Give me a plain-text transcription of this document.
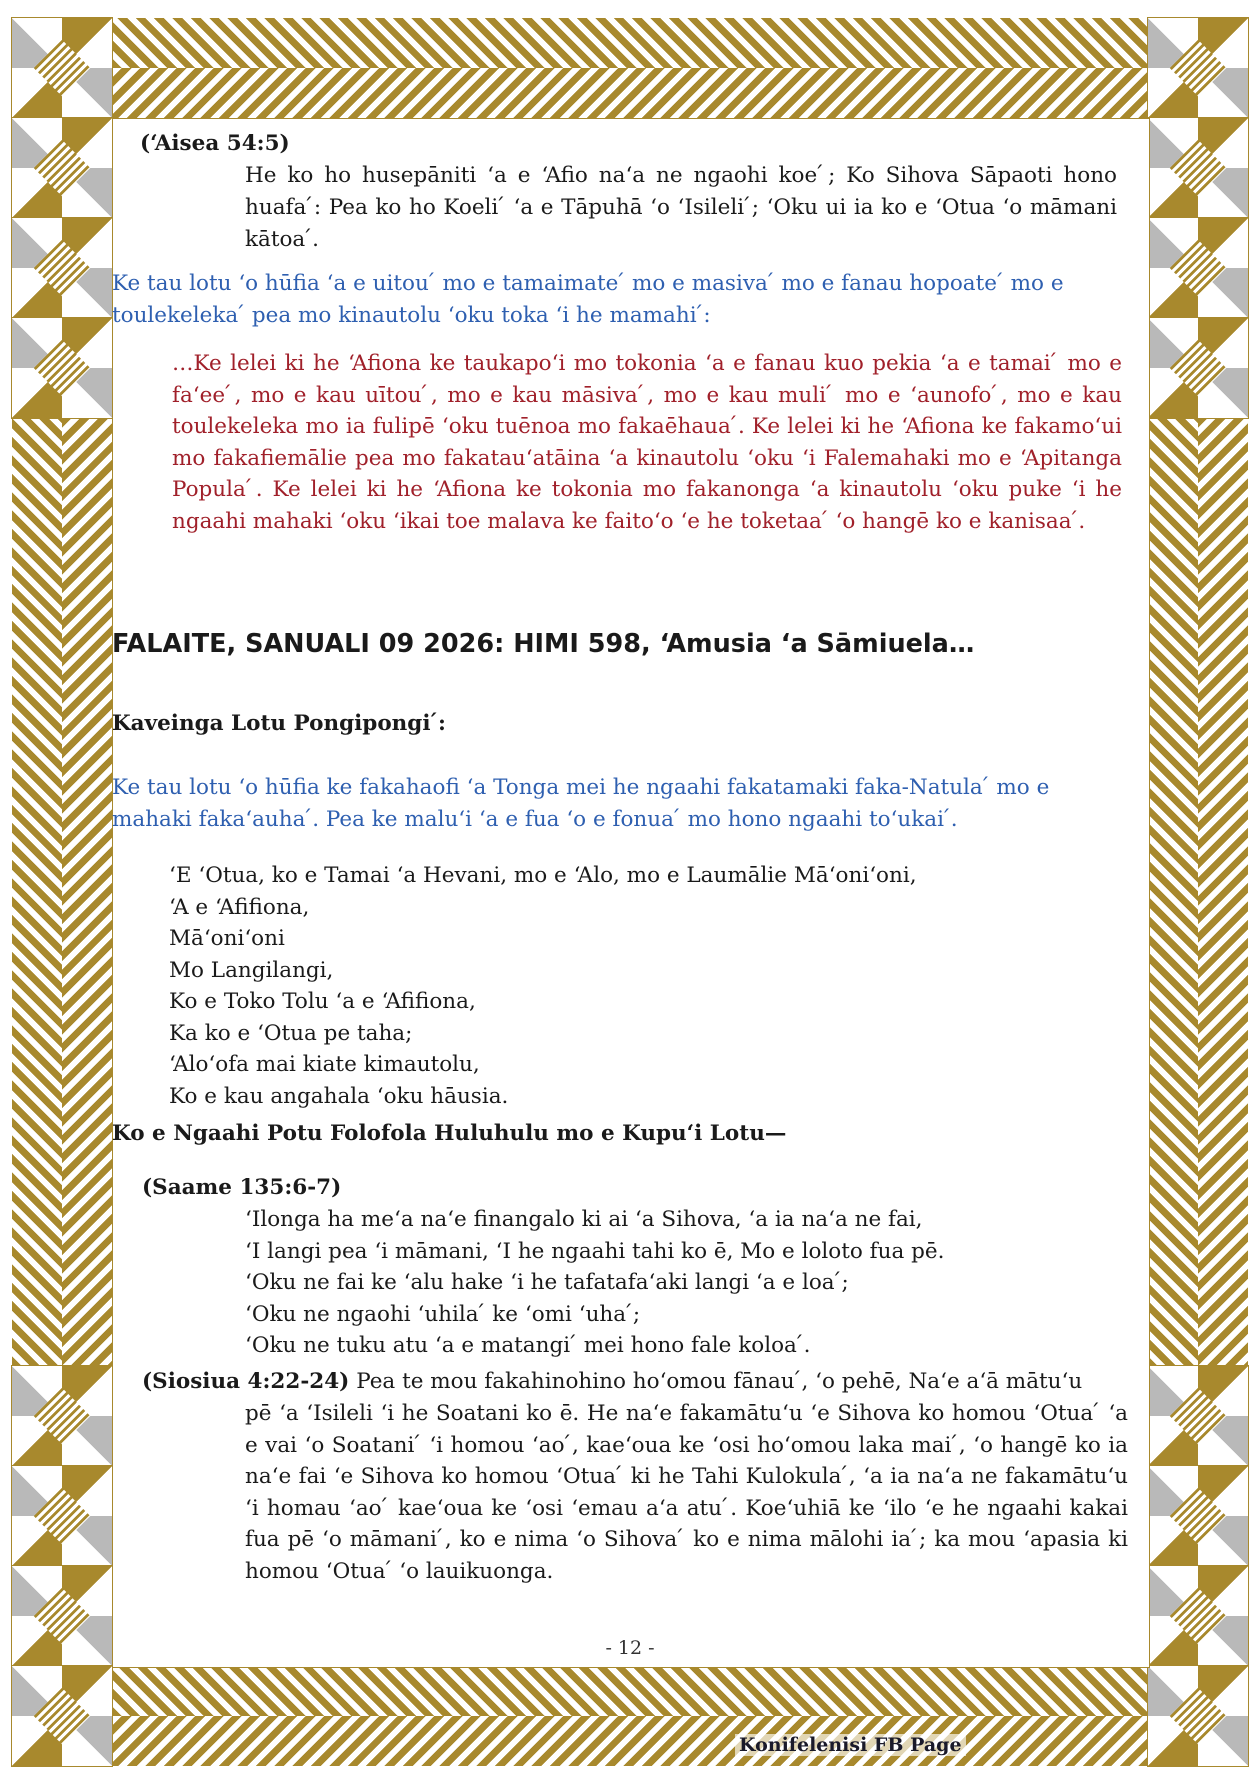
(‘Aisea 54:5)
He ko ho husepāniti ‘a e ‘Afio na‘a ne ngaohi koe ́; Ko Sihova Sāpaoti hono huafa ́: Pea ko ho Koeli ́ ‘a e Tāpuhā ‘o ‘Isileli ́; ‘Oku ui ia ko e ‘Otua ‘o māmani kātoa ́.
Ke tau lotu ‘o hūfia ‘a e uitou ́ mo e tamaimate ́ mo e masiva ́ mo e fanau hopoate ́ mo e toulekeleka ́ pea mo kinautolu ‘oku toka ‘i he mamahi ́:
…Ke lelei ki he ‘Afiona ke taukapo‘i mo tokonia ‘a e fanau kuo pekia ‘a e tamai ́ mo e fa‘ee ́, mo e kau uītou ́, mo e kau māsiva ́, mo e kau muli ́ mo e ‘aunofo ́, mo e kau toulekeleka mo ia fulipē ‘oku tuēnoa mo fakaēhaua ́. Ke lelei ki he ‘Afiona ke fakamo‘ui mo fakafiemālie pea mo fakatau‘atāina ‘a kinautolu ‘oku ‘i Falemahaki mo e ‘Apitanga Popula ́. Ke lelei ki he ‘Afiona ke tokonia mo fakanonga ‘a kinautolu ‘oku puke ‘i he ngaahi mahaki ‘oku ‘ikai toe malava ke faito‘o ‘e he toketaa ́ ‘o hangē ko e kanisaa ́.
FALAITE, SANUALI 09 2026: HIMI 598, ‘Amusia ‘a Sāmiuela…
Kaveinga Lotu Pongipongi ́:
Ke tau lotu ‘o hūfia ke fakahaofi ‘a Tonga mei he ngaahi fakatamaki faka-Natula ́ mo e mahaki faka‘auha ́. Pea ke malu‘i ‘a e fua ‘o e fonua ́ mo hono ngaahi to‘ukai ́.
‘E ‘Otua, ko e Tamai ‘a Hevani, mo e ‘Alo, mo e Laumālie Mā‘oni‘oni,
‘A e ‘Afifiona,
Mā‘oni‘oni
Mo Langilangi,
Ko e Toko Tolu ‘a e ‘Afifiona,
Ka ko e ‘Otua pe taha;
‘Alo‘ofa mai kiate kimautolu,
Ko e kau angahala ‘oku hāusia.
Ko e Ngaahi Potu Folofola Huluhulu mo e Kupu‘i Lotu—
(Saame 135:6-7)
‘Ilonga ha me‘a na‘e finangalo ki ai ‘a Sihova, ‘a ia na‘a ne fai,
‘I langi pea ‘i māmani, ‘I he ngaahi tahi ko ē, Mo e loloto fua pē.
‘Oku ne fai ke ‘alu hake ‘i he tafatafa‘aki langi ‘a e loa ́;
‘Oku ne ngaohi ‘uhila ́ ke ‘omi ‘uha ́;
‘Oku ne tuku atu ‘a e matangi ́ mei hono fale koloa ́.
(Siosiua 4:22-24) Pea te mou fakahinohino ho‘omou fānau ́, ‘o pehē, Na‘e a‘ā mātu‘u
pē ‘a ‘Isileli ‘i he Soatani ko ē. He na‘e fakamātu‘u ‘e Sihova ko homou ‘Otua ́ ‘a e vai ‘o Soatani ́ ‘i homou ‘ao ́, kae‘oua ke ‘osi ho‘omou laka mai ́, ‘o hangē ko ia na‘e fai ‘e Sihova ko homou ‘Otua ́ ki he Tahi Kulokula ́, ‘a ia na‘a ne fakamātu‘u ‘i homau ‘ao ́ kae‘oua ke ‘osi ‘emau a‘a atu ́. Koe‘uhiā ke ‘ilo ‘e he ngaahi kakai fua pē ‘o māmani ́, ko e nima ‘o Sihova ́ ko e nima mālohi ia ́; ka mou ‘apasia ki homou ‘Otua ́ ‘o lauikuonga.
- 12 -
Konifelenisi FB Page
